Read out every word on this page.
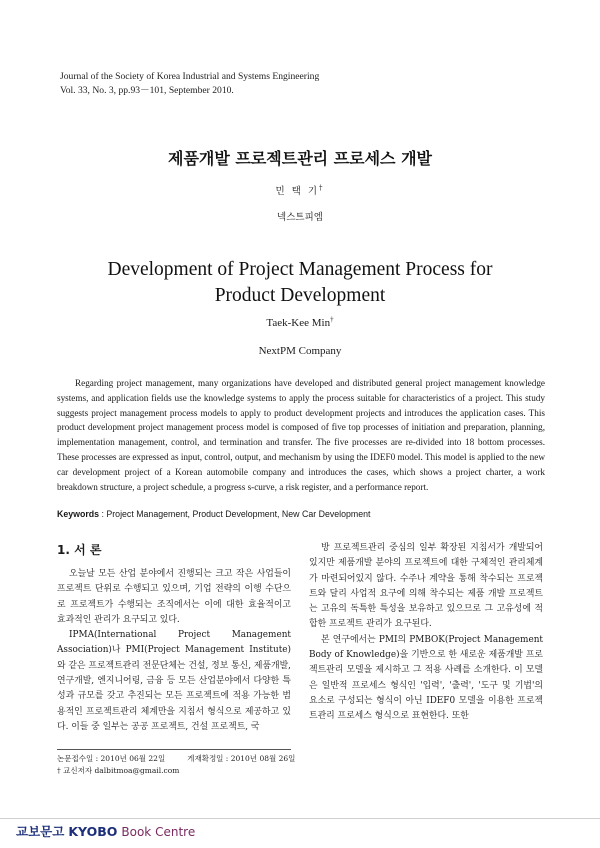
Journal of the Society of Korea Industrial and Systems Engineering
Vol. 33, No. 3, pp.93－101, September 2010.
제품개발 프로젝트관리 프로세스 개발
민 택 기†
넥스트피엠
Development of Project Management Process for
Product Development
Taek-Kee Min†
NextPM Company

Regarding project management, many organizations have developed and distributed general project management knowledge systems, and application fields use the knowledge systems to apply the process suitable for characteristics of a project. This study suggests project management process models to apply to product development projects and introduces the application cases. This product development project management process model is composed of five top processes of initiation and preparation, planning, implementation management, control, and termination and transfer. The five processes are re-divided into 18 bottom processes. These processes are expressed as input, control, output, and mechanism by using the IDEF0 model. This model is applied to the new car development project of a Korean automobile company and introduces the cases, which shows a project charter, a work breakdown structure, a project schedule, a progress s-curve, a risk register, and a performance report.

Keywords : Project Management, Product Development, New Car Development

1. 서 론

오늘날 모든 산업 분야에서 진행되는 크고 작은 사업들이 프로젝트 단위로 수행되고 있으며, 기업 전략의 이행 수단으로 프로젝트가 수행되는 조직에서는 이에 대한 효율적이고 효과적인 관리가 요구되고 있다.

IPMA(International Project Management Association)나 PMI(Project Management Institute)와 같은 프로젝트관리 전문단체는 건설, 정보 통신, 제품개발, 연구개발, 엔지니어링, 금융 등 모든 산업분야에서 다양한 특성과 규모를 갖고 추진되는 모든 프로젝트에 적용 가능한 범용적인 프로젝트관리 체계만을 지침서 형식으로 제공하고 있다. 이들 중 일부는 공공 프로젝트, 건설 프로젝트, 국

방 프로젝트관리 중심의 일부 확장된 지침서가 개발되어 있지만 제품개발 분야의 프로젝트에 대한 구체적인 관리체계가 마련되어있지 않다. 수주나 계약을 통해 착수되는 프로젝트와 달리 사업적 요구에 의해 착수되는 제품 개발 프로젝트는 고유의 독특한 특성을 보유하고 있으므로 그 고유성에 적합한 프로젝트 관리가 요구된다.

본 연구에서는 PMI의 PMBOK(Project Management Body of Knowledge)을 기반으로 한 새로운 제품개발 프로젝트관리 모델을 제시하고 그 적용 사례를 소개한다. 이 모델은 일반적 프로세스 형식인 '입력', '출력', '도구 및 기법'의 요소로 구성되는 형식이 아닌 IDEF0 모델을 이용한 프로젝트관리 프로세스 형식으로 표현한다. 또한

논문접수일 : 2010년 06월 22일	게재확정일 : 2010년 08월 26일
† 교신저자 dalbitmoa@gmail.com
교보문고 KYOBO Book Centre
